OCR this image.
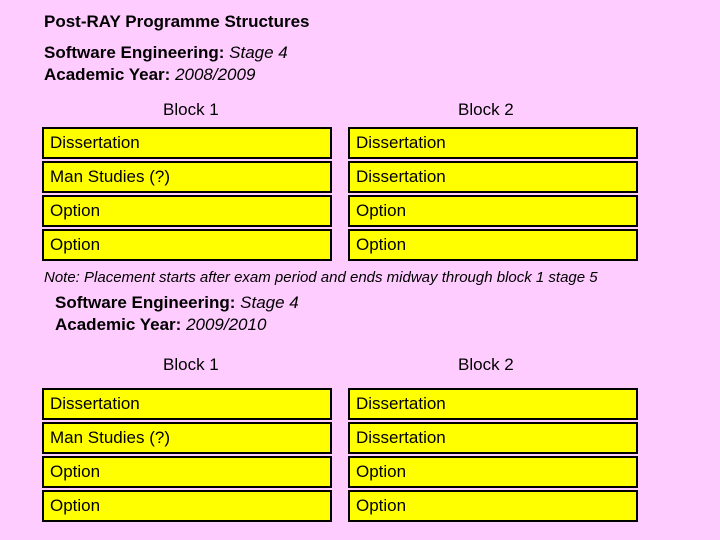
Post-RAY Programme Structures
Software Engineering: Stage 4
Academic Year: 2008/2009
Block 1	Block 2
Dissertation	Dissertation
Man Studies (?)	Dissertation
Option	Option
Option	Option
Note: Placement starts after exam period and ends midway through block 1 stage 5
Software Engineering: Stage 4
Academic Year: 2009/2010
Block 1	Block 2
Dissertation	Dissertation
Man Studies (?)	Dissertation
Option	Option
Option	Option
